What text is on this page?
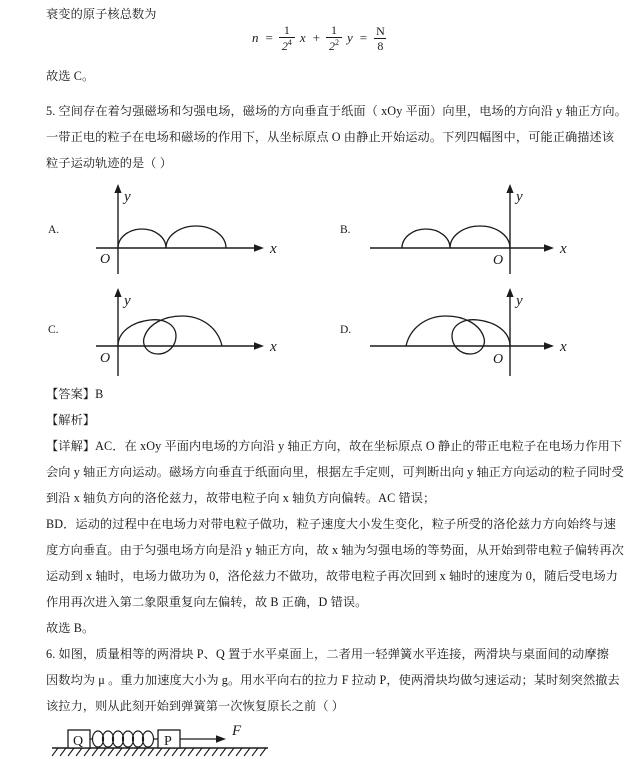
衰变的原子核总数为
$n = \frac{1}{2^4}$ $x + \frac{1}{2^2}$ $y = \frac{N}{8}$
故选 C。
5. 空间存在着匀强磁场和匀强电场，磁场的方向垂直于纸面（ xOy 平面）向里，电场的方向沿 y 轴正方向。
一带正电的粒子在电场和磁场的作用下，从坐标原点 O 由静止开始运动。下列四幅图中，可能正确描述该
粒子运动轨迹的是（ ）
A.
y
x
O
B.
y
x
O
C.
y
x
O
D.
y
x
O
【答案】B
【解析】
【详解】AC．在 xOy 平面内电场的方向沿 y 轴正方向，故在坐标原点 O 静止的带正电粒子在电场力作用下
会向 y 轴正方向运动。磁场方向垂直于纸面向里，根据左手定则，可判断出向 y 轴正方向运动的粒子同时受
到沿 x 轴负方向的洛伦兹力，故带电粒子向 x 轴负方向偏转。AC 错误；
BD．运动的过程中在电场力对带电粒子做功，粒子速度大小发生变化，粒子所受的洛伦兹力方向始终与速
度方向垂直。由于匀强电场方向是沿 y 轴正方向，故 x 轴为匀强电场的等势面，从开始到带电粒子偏转再次
运动到 x 轴时，电场力做功为 0，洛伦兹力不做功，故带电粒子再次回到 x 轴时的速度为 0，随后受电场力
作用再次进入第二象限重复向左偏转，故 B 正确，D 错误。
故选 B。
6. 如图，质量相等的两滑块 P、Q 置于水平桌面上，二者用一轻弹簧水平连接，两滑块与桌面间的动摩擦
因数均为 μ 。重力加速度大小为 g。用水平向右的拉力 F 拉动 P，使两滑块均做匀速运动；某时刻突然撤去
该拉力，则从此刻开始到弹簧第一次恢复原长之前（ ）
Q	P
F
